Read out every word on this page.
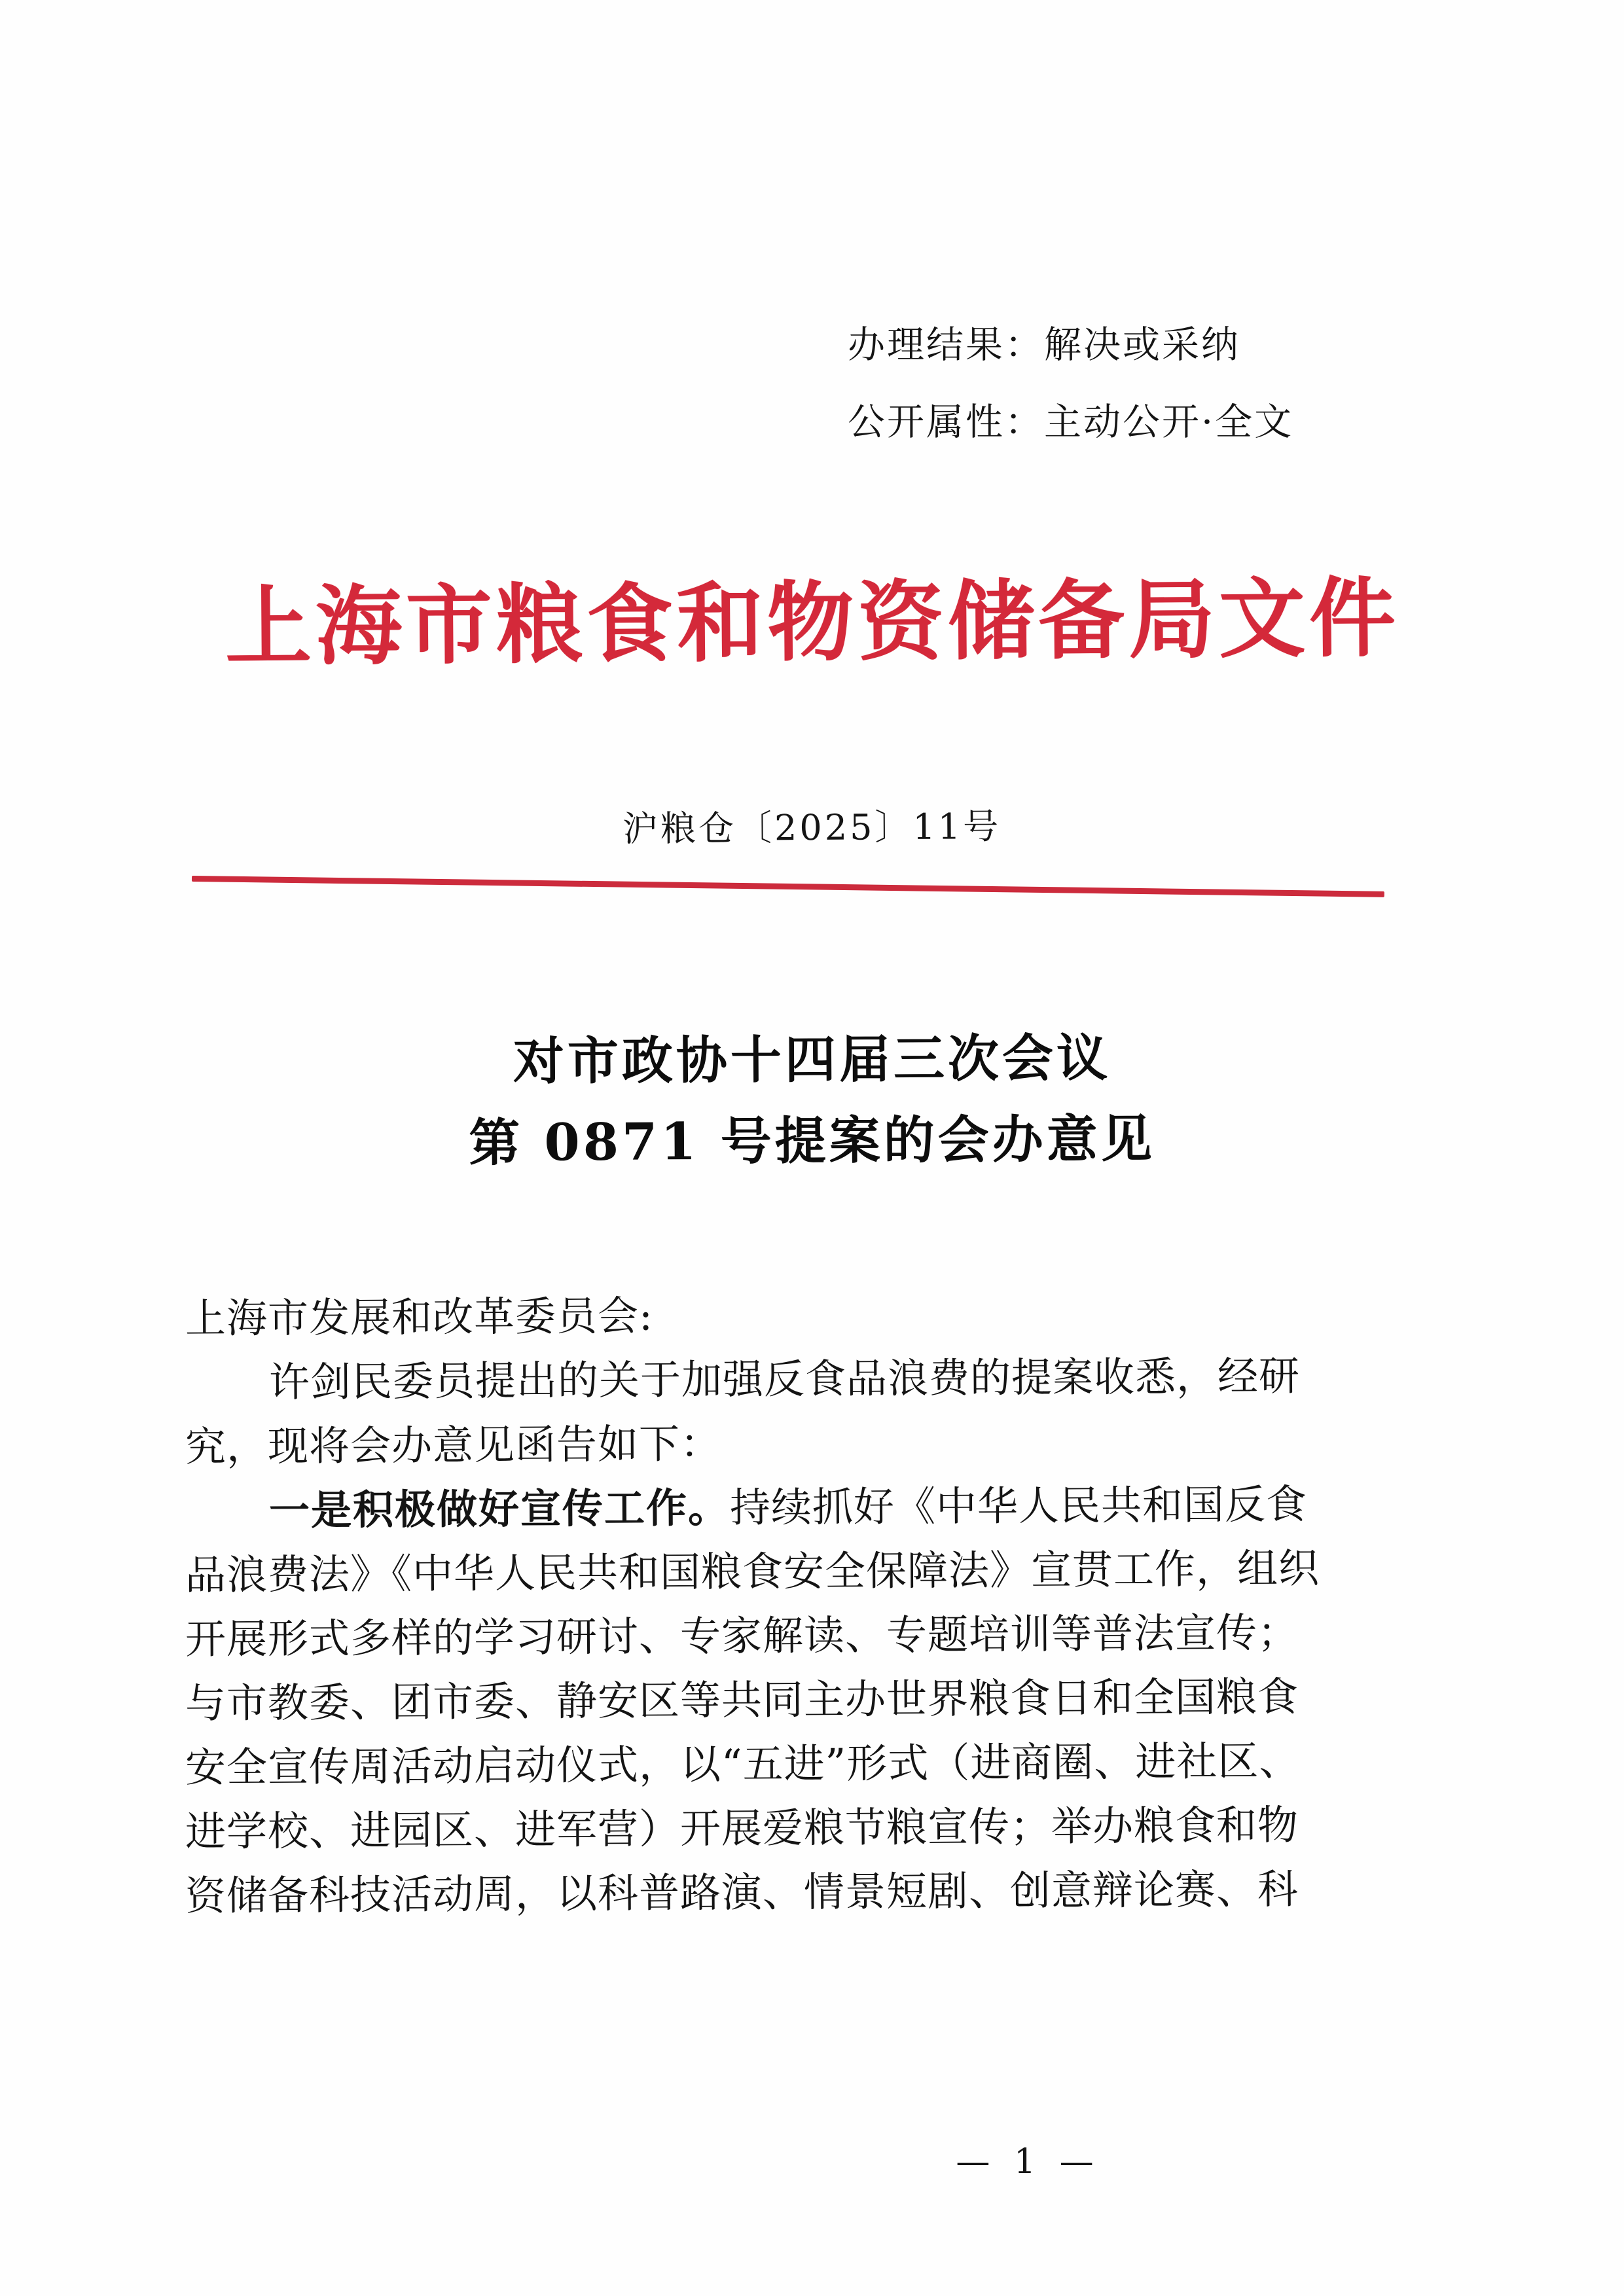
办理结果：解决或采纳
公开属性：主动公开·全文
上海市粮食和物资储备局文件
沪粮仓〔2025〕11号
对市政协十四届三次会议
第 0871 号提案的会办意见
上海市发展和改革委员会:
许剑民委员提出的关于加强反食品浪费的提案收悉，经研
究，现将会办意见函告如下：
一是积极做好宣传工作。持续抓好《中华人民共和国反食
品浪费法》《中华人民共和国粮食安全保障法》宣贯工作，组织
开展形式多样的学习研讨、专家解读、专题培训等普法宣传；
与市教委、团市委、静安区等共同主办世界粮食日和全国粮食
安全宣传周活动启动仪式，以“五进”形式（进商圈、进社区、
进学校、进园区、进军营）开展爱粮节粮宣传；举办粮食和物
资储备科技活动周，以科普路演、情景短剧、创意辩论赛、科
— 1 —
